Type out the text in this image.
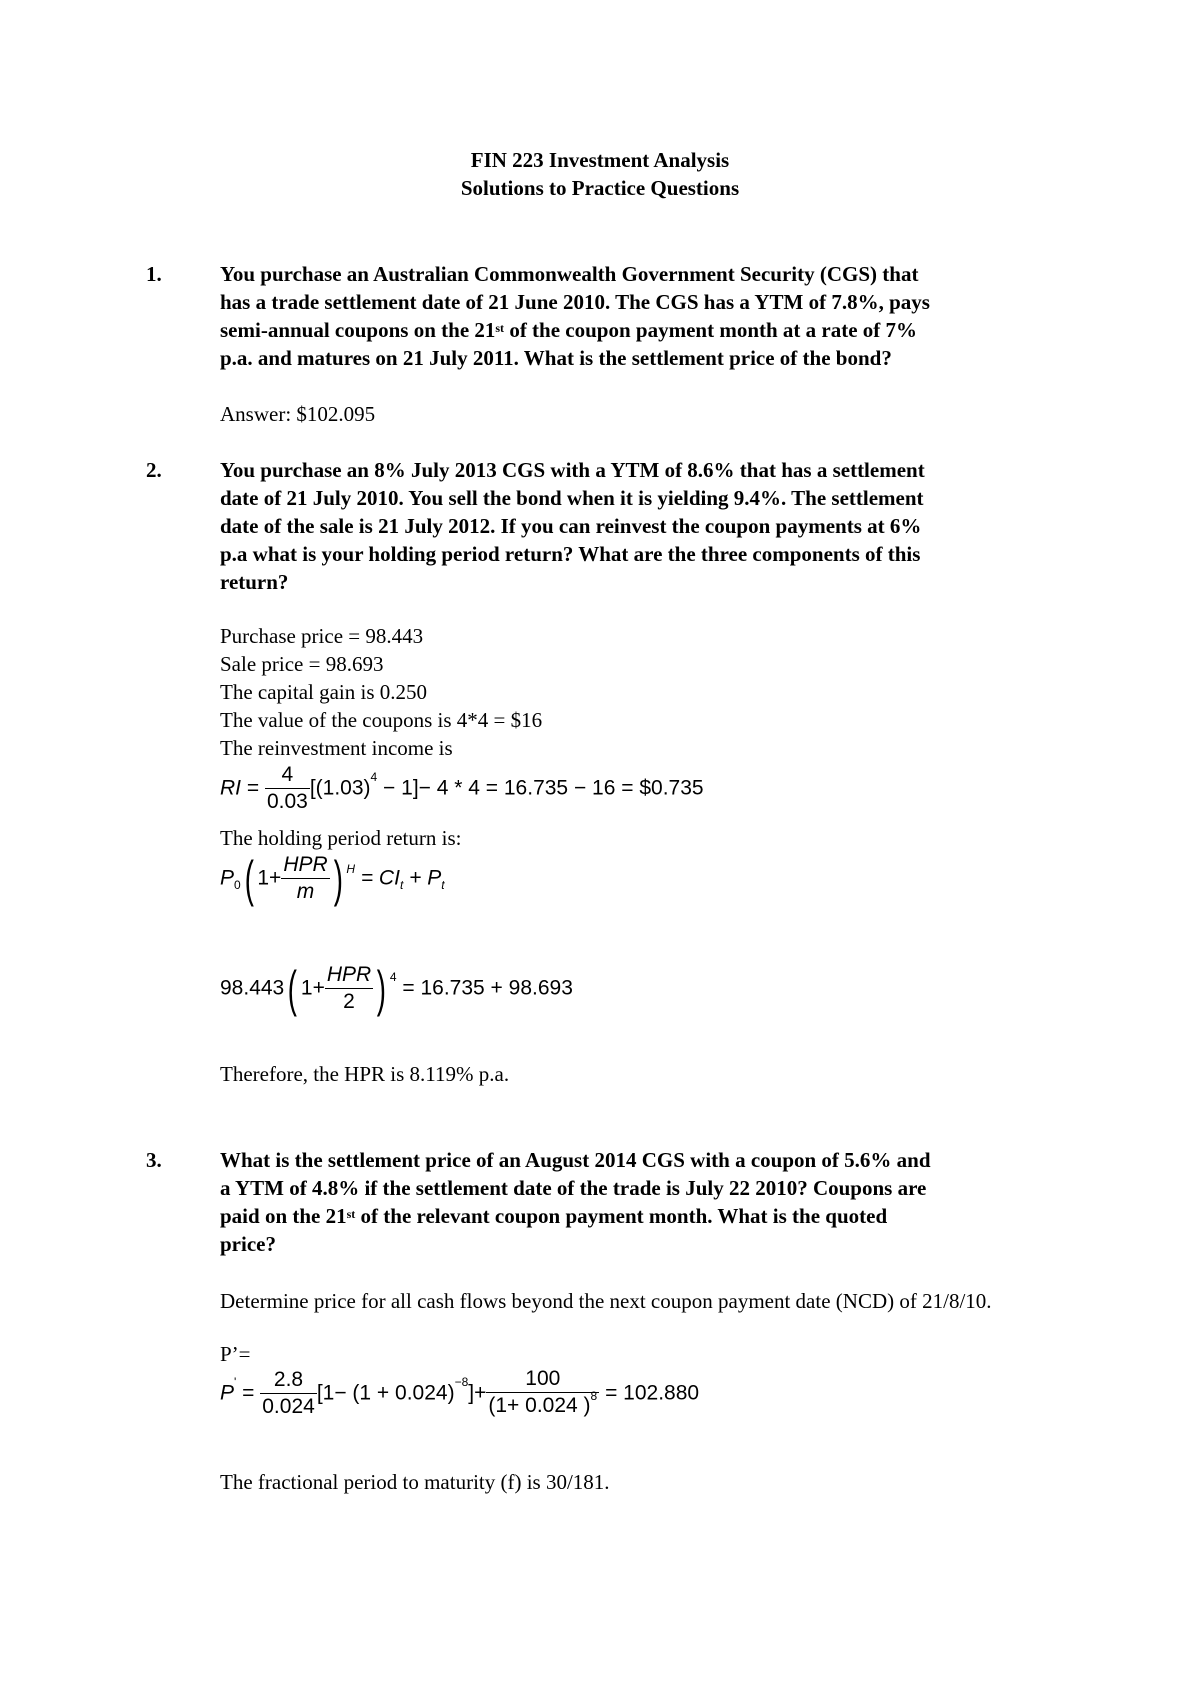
FIN 223 Investment Analysis
Solutions to Practice Questions
1.	You purchase an Australian Commonwealth Government Security (CGS) that
has a trade settlement date of 21 June 2010. The CGS has a YTM of 7.8%, pays
semi-annual coupons on the 21st of the coupon payment month at a rate of 7%
p.a. and matures on 21 July 2011. What is the settlement price of the bond?
Answer: $102.095
2.	You purchase an 8% July 2013 CGS with a YTM of 8.6% that has a settlement
date of 21 July 2010. You sell the bond when it is yielding 9.4%. The settlement
date of the sale is 21 July 2012. If you can reinvest the coupon payments at 6%
p.a what is your holding period return? What are the three components of this
return?
Purchase price = 98.443
Sale price = 98.693
The capital gain is 0.250
The value of the coupons is 4*4 = $16
The reinvestment income is
RI = $\frac{4}{0.03} [(1.03)^4 - 1]- 4 * 4 = 16.735 - 16$ = $0.735
The holding period return is:
$P_0$( $1+ \frac{\text{HPR}}{m}$ ) $^H = CI_t + P_t$
98.443( $1+ \frac{\text{HPR}}{2}$ ) $^4$ = 16.735 + 98.693
Therefore, the HPR is 8.119% p.a.
3.	What is the settlement price of an August 2014 CGS with a coupon of 5.6% and
a YTM of 4.8% if the settlement date of the trade is July 22 2010? Coupons are
paid on the 21st of the relevant coupon payment month. What is the quoted
price?
Determine price for all cash flows beyond the next coupon payment date (NCD) of 21/8/10.
P’=
$P' = \frac{2.8}{0.024} [1- (1 + 0.024)^{-8}]+ \frac{100}{(1+ 0.024 )^8} = 102.880$
The fractional period to maturity (f) is 30/181.
